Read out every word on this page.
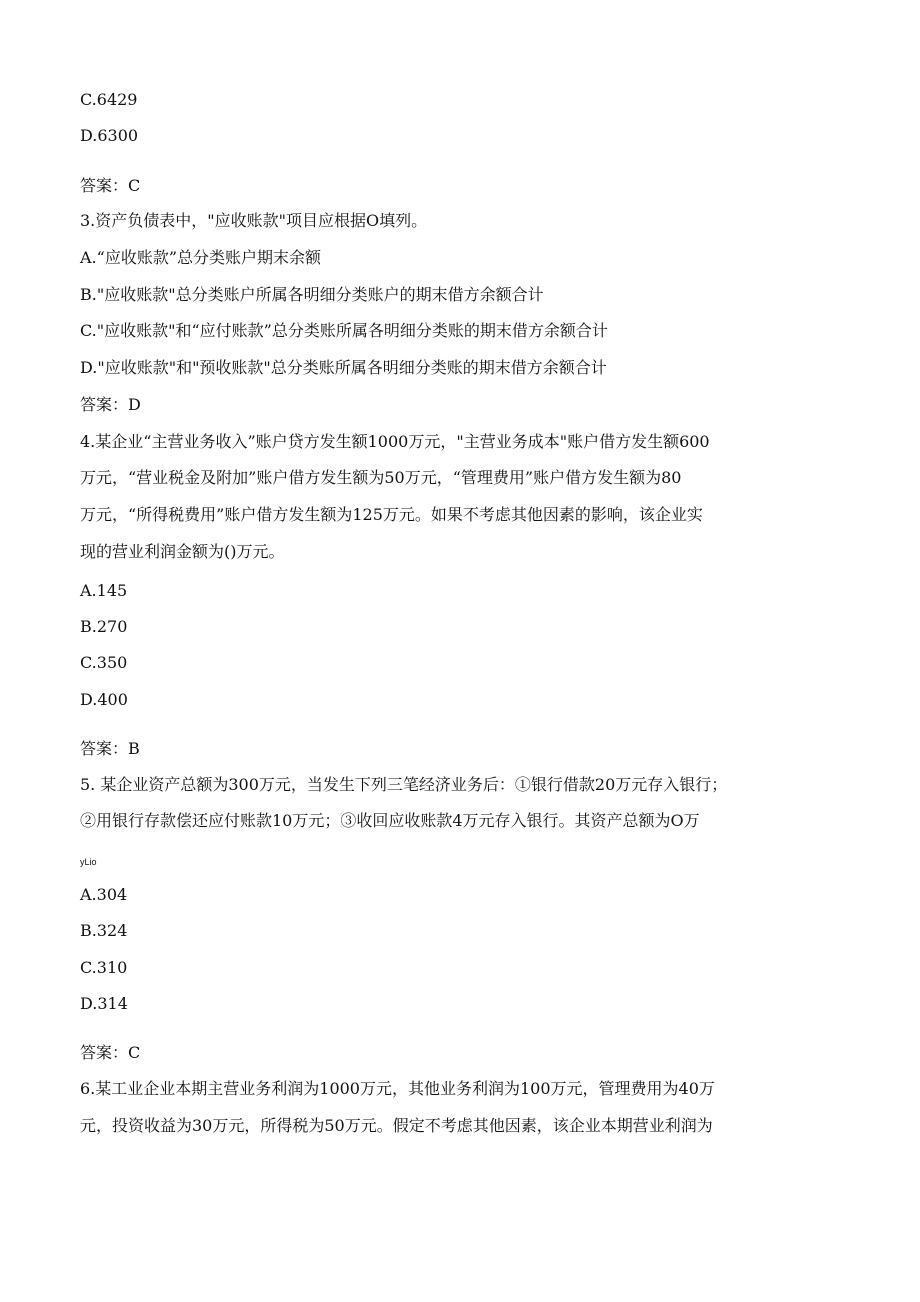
C.6429

D.6300

答案：C

3.资产负债表中，"应收账款"项目应根据O填列。

A.“应收账款”总分类账户期末余额

B."应收账款"总分类账户所属各明细分类账户的期末借方余额合计

C."应收账款"和“应付账款”总分类账所属各明细分类账的期末借方余额合计

D."应收账款"和"预收账款"总分类账所属各明细分类账的期末借方余额合计

答案：D

4.某企业“主营业务收入”账户贷方发生额1000万元，"主营业务成本"账户借方发生额600

万元，“营业税金及附加”账户借方发生额为50万元，“管理费用”账户借方发生额为80

万元，“所得税费用”账户借方发生额为125万元。如果不考虑其他因素的影响，该企业实

现的营业利润金额为()万元。

A.145

B.270

C.350

D.400

答案：B

5. 某企业资产总额为300万元，当发生下列三笔经济业务后：①银行借款20万元存入银行；

②用银行存款偿还应付账款10万元；③收回应收账款4万元存入银行。其资产总额为O万

yLio

A.304

B.324

C.310

D.314

答案：C

6.某工业企业本期主营业务利润为1000万元，其他业务利润为100万元，管理费用为40万

元，投资收益为30万元，所得税为50万元。假定不考虑其他因素，该企业本期营业利润为
